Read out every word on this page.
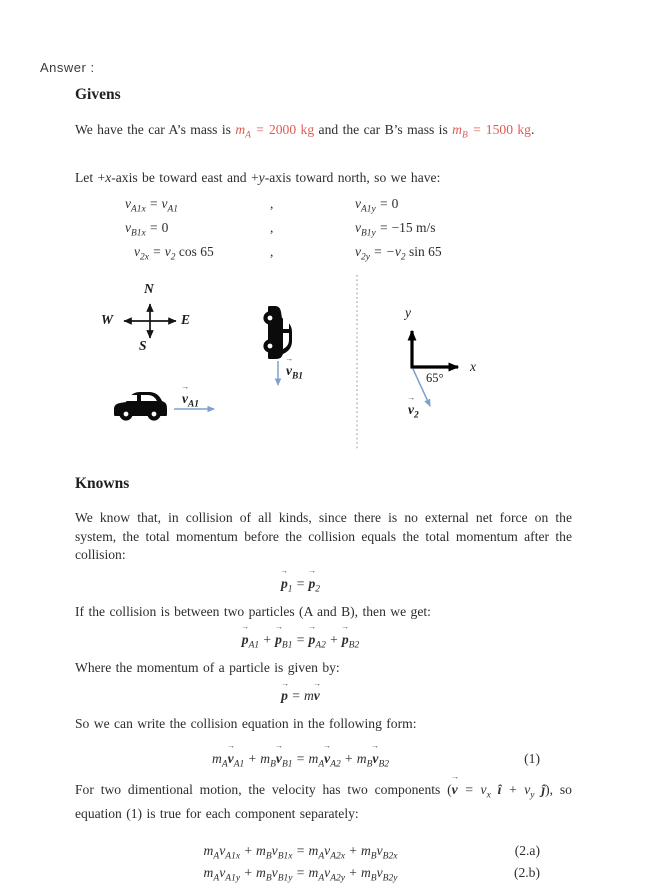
Answer :
Givens

We have the car A’s mass is $m_A = 2000$ kg and the car B’s mass is $m_B = 1500$ kg.

Let +x-axis be toward east and +y-axis toward north, so we have:

$v_{A1x} = v_{A1}$	,	$v_{A1y} = 0$
$v_{B1x} = 0$	,	$v_{B1y} = -15$ m/s
$v_{2x} = v_2$ cos 65	,	$v_{2y} = -v_2$ sin 65
N
S
W	E
$v \to_{B1}$
$v \to_{A1}$	$v \to_2$
y
x
65°
Knowns

We know that, in collision of all kinds, since there is no external net force on the system, the total momentum before the collision equals the total momentum after the collision:

$p \to_1 = p \to_2$

If the collision is between two particles (A and B), then we get:

$p \to_{A1} + p \to_{B1} = p \to_{A2} + p \to_{B2}$

Where the momentum of a particle is given by:

p → = mv →

So we can write the collision equation in the following form:

$m_Av \to_{A1} + m_Bv \to_{B1} = m_Av \to_{A2} + m_Bv \to_{B2}$	(1)

For two dimentional motion, the velocity has two components (v → = $v_x$ î + $v_y$ ĵ), so equation (1) is true for each component separately:

$m_Av_{A1x} + m_Bv_{B1x} = m_Av_{A2x} + m_Bv_{B2x}$	(2.a)
$m_Av_{A1y} + m_Bv_{B1y} = m_Av_{A2y} + m_Bv_{B2y}$	(2.b)
